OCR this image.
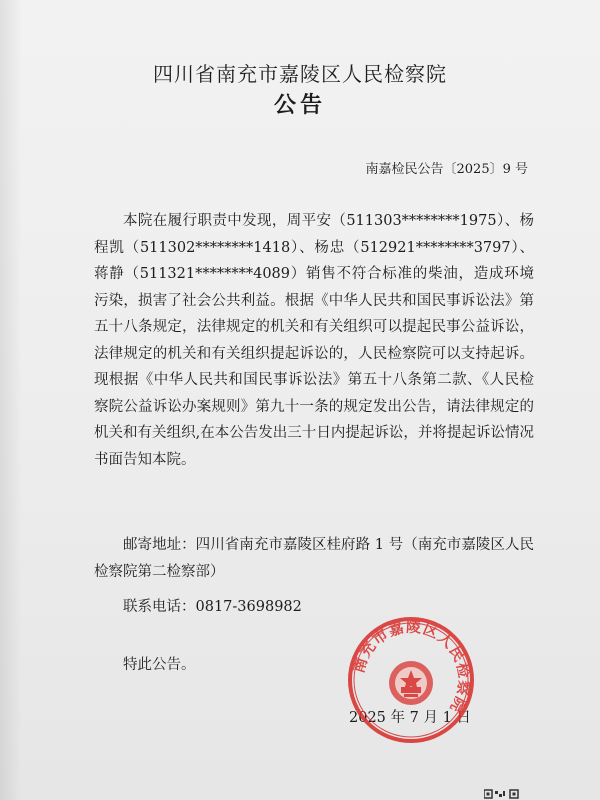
四川省南充市嘉陵区人民检察院
公告
南嘉检民公告〔2025〕9 号
本院在履行职责中发现，周平安（511303********1975）、杨程凯（511302********1418）、杨忠（512921********3797）、蒋静（511321********4089）销售不符合标准的柴油，造成环境污染，损害了社会公共利益。根据《中华人民共和国民事诉讼法》第五十八条规定，法律规定的机关和有关组织可以提起民事公益诉讼，法律规定的机关和有关组织提起诉讼的，人民检察院可以支持起诉。现根据《中华人民共和国民事诉讼法》第五十八条第二款、《人民检察院公益诉讼办案规则》第九十一条的规定发出公告，请法律规定的机关和有关组织,在本公告发出三十日内提起诉讼，并将提起诉讼情况书面告知本院。
邮寄地址：四川省南充市嘉陵区桂府路 1 号（南充市嘉陵区人民检察院第二检察部）
联系电话：0817-3698982
特此公告。
2025 年 7 月 1 日
南充市嘉陵区人民检察院
